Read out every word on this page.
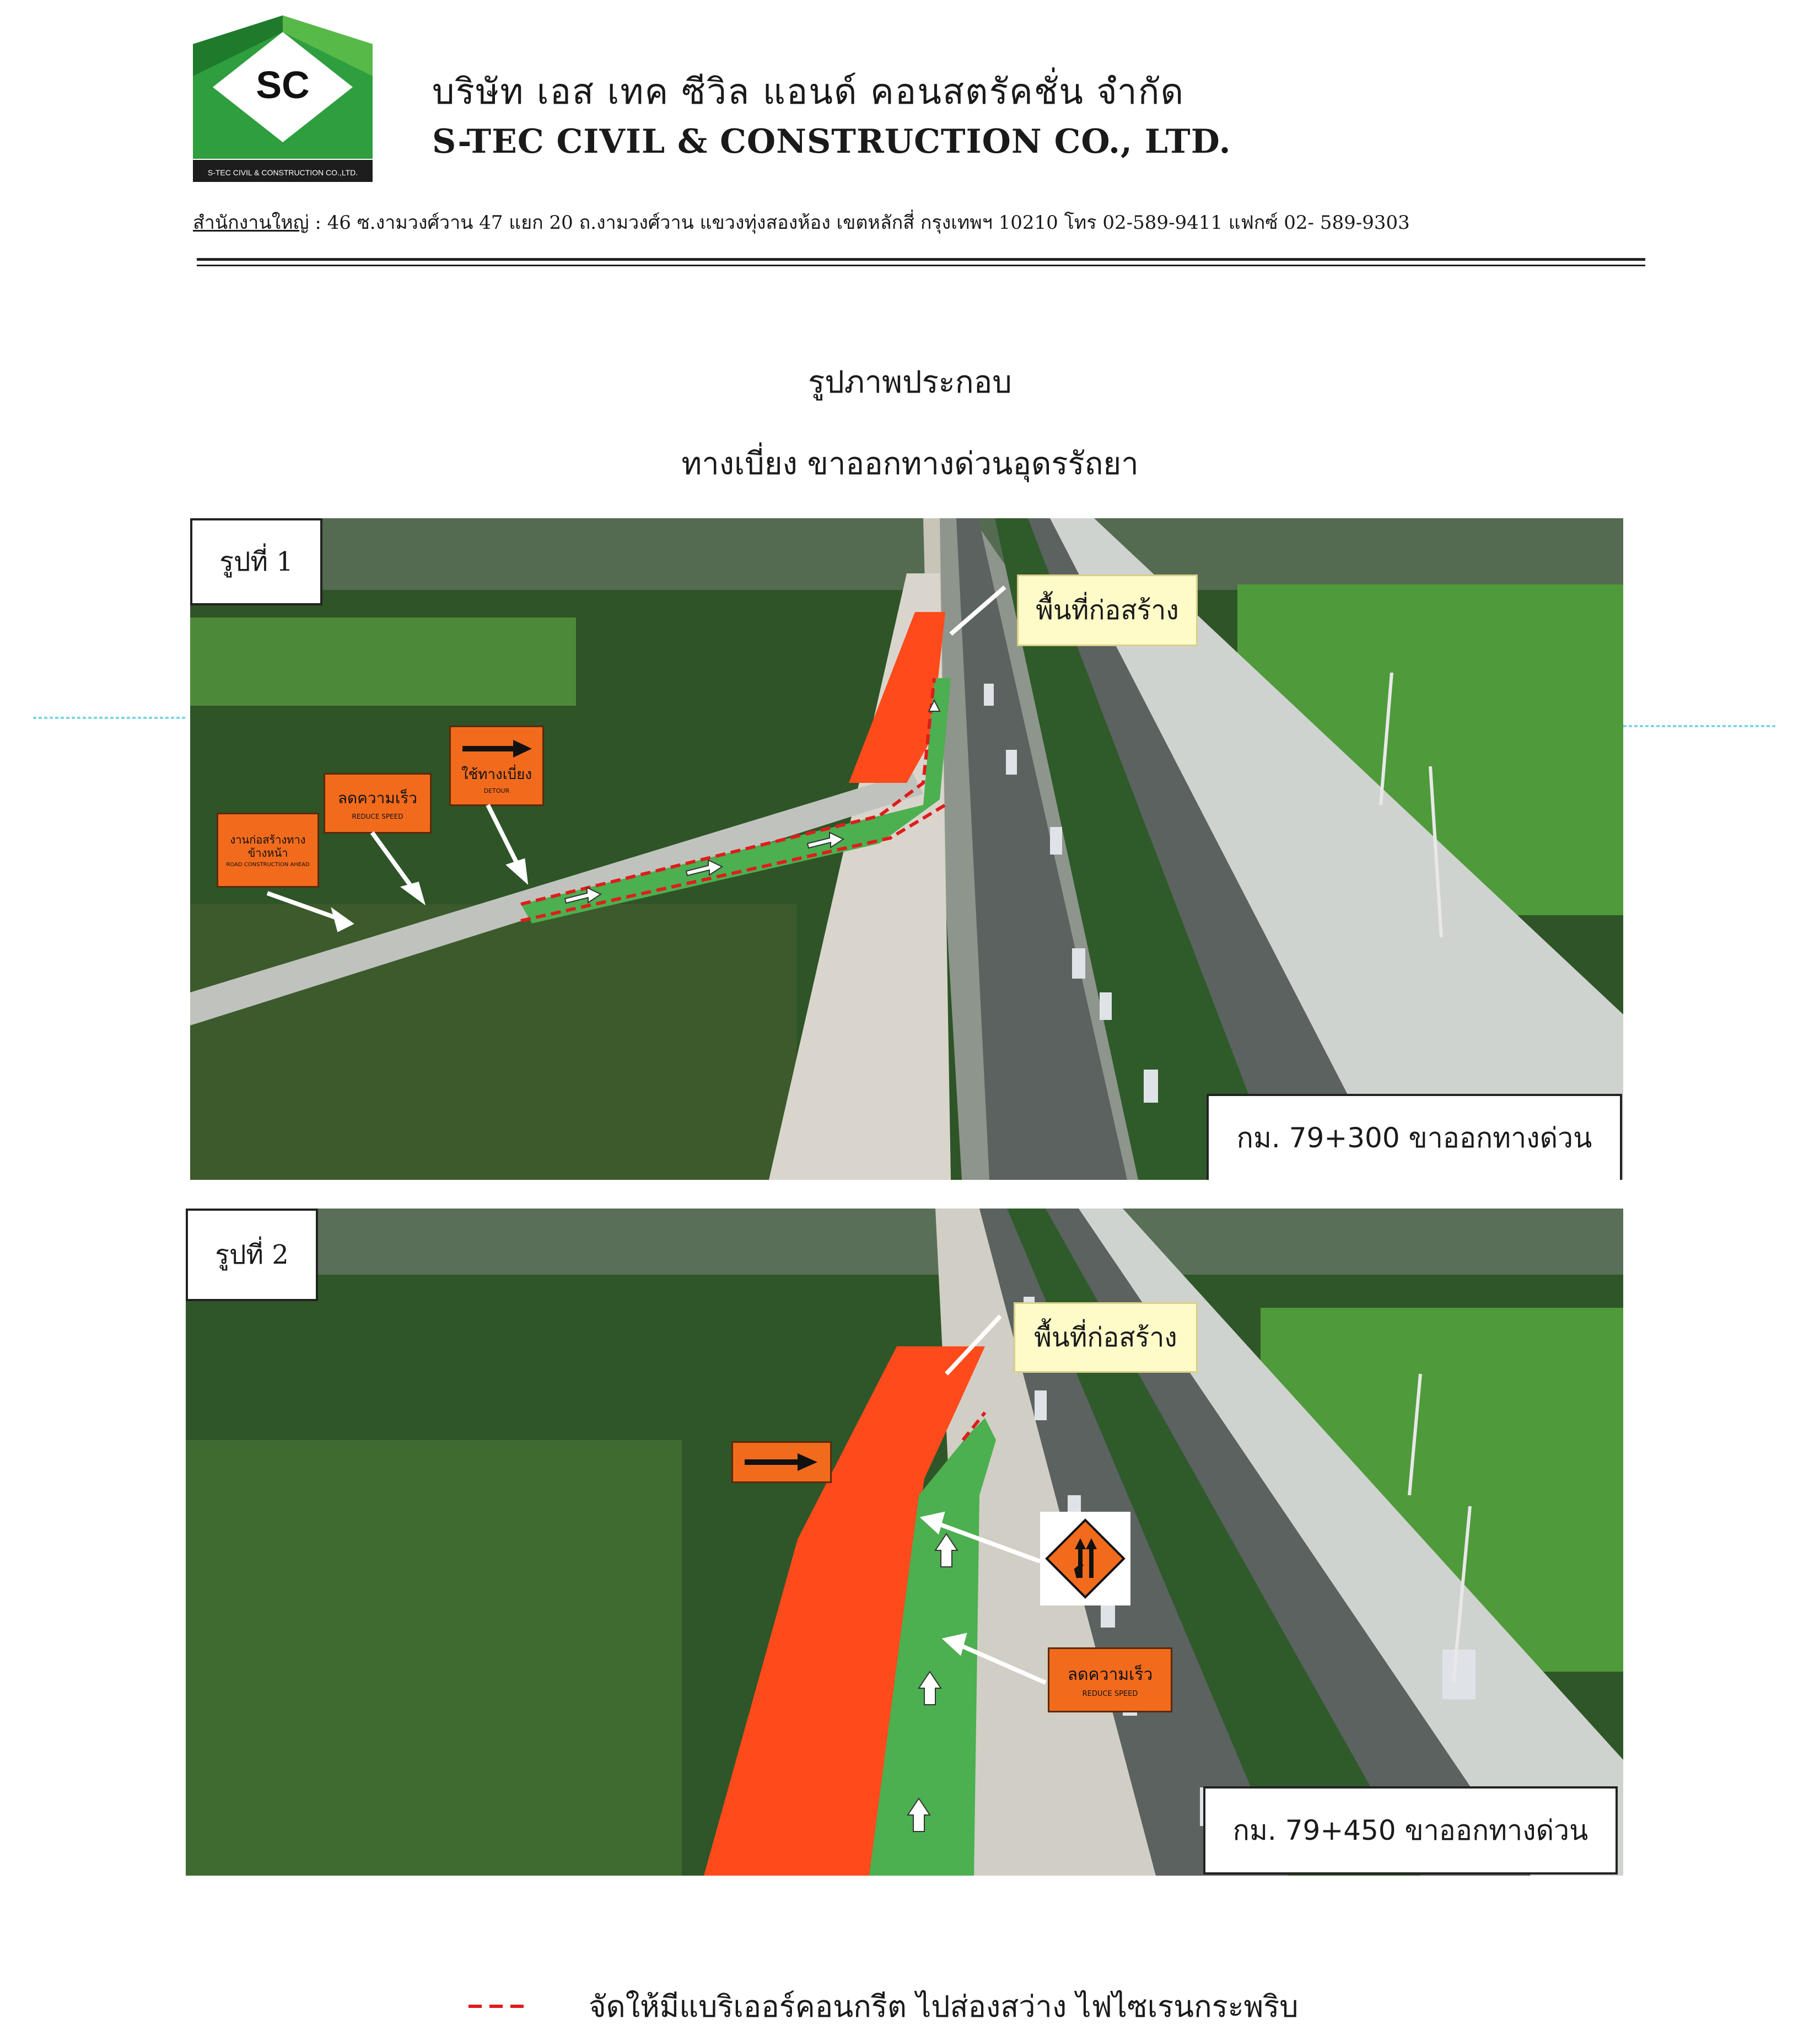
SC
S-TEC CIVIL & CONSTRUCTION CO.,LTD.
บริษัท เอส เทค ซีวิล แอนด์ คอนสตรัคชั่น จำกัด
S-TEC CIVIL & CONSTRUCTION CO., LTD.
สำนักงานใหญ่ : 46 ซ.งามวงศ์วาน 47 แยก 20 ถ.งามวงศ์วาน แขวงทุ่งสองห้อง เขตหลักสี่ กรุงเทพฯ 10210 โทร 02-589-9411 แฟกซ์ 02- 589-9303
รูปภาพประกอบ
ทางเบี่ยง ขาออกทางด่วนอุดรรัถยา
งานก่อสร้างทาง ข้างหน้า
ROAD CONSTRUCTION AHEAD
ลดความเร็ว
REDUCE SPEED
ใช้ทางเบี่ยง
DETOUR
รูปที่ 1
พื้นที่ก่อสร้าง
กม. 79+300 ขาออกทางด่วน
ลดความเร็ว
REDUCE SPEED
รูปที่ 2
พื้นที่ก่อสร้าง
กม. 79+450 ขาออกทางด่วน
จัดให้มีแบริเออร์คอนกรีต ไปส่องสว่าง ไฟไซเรนกระพริบ
